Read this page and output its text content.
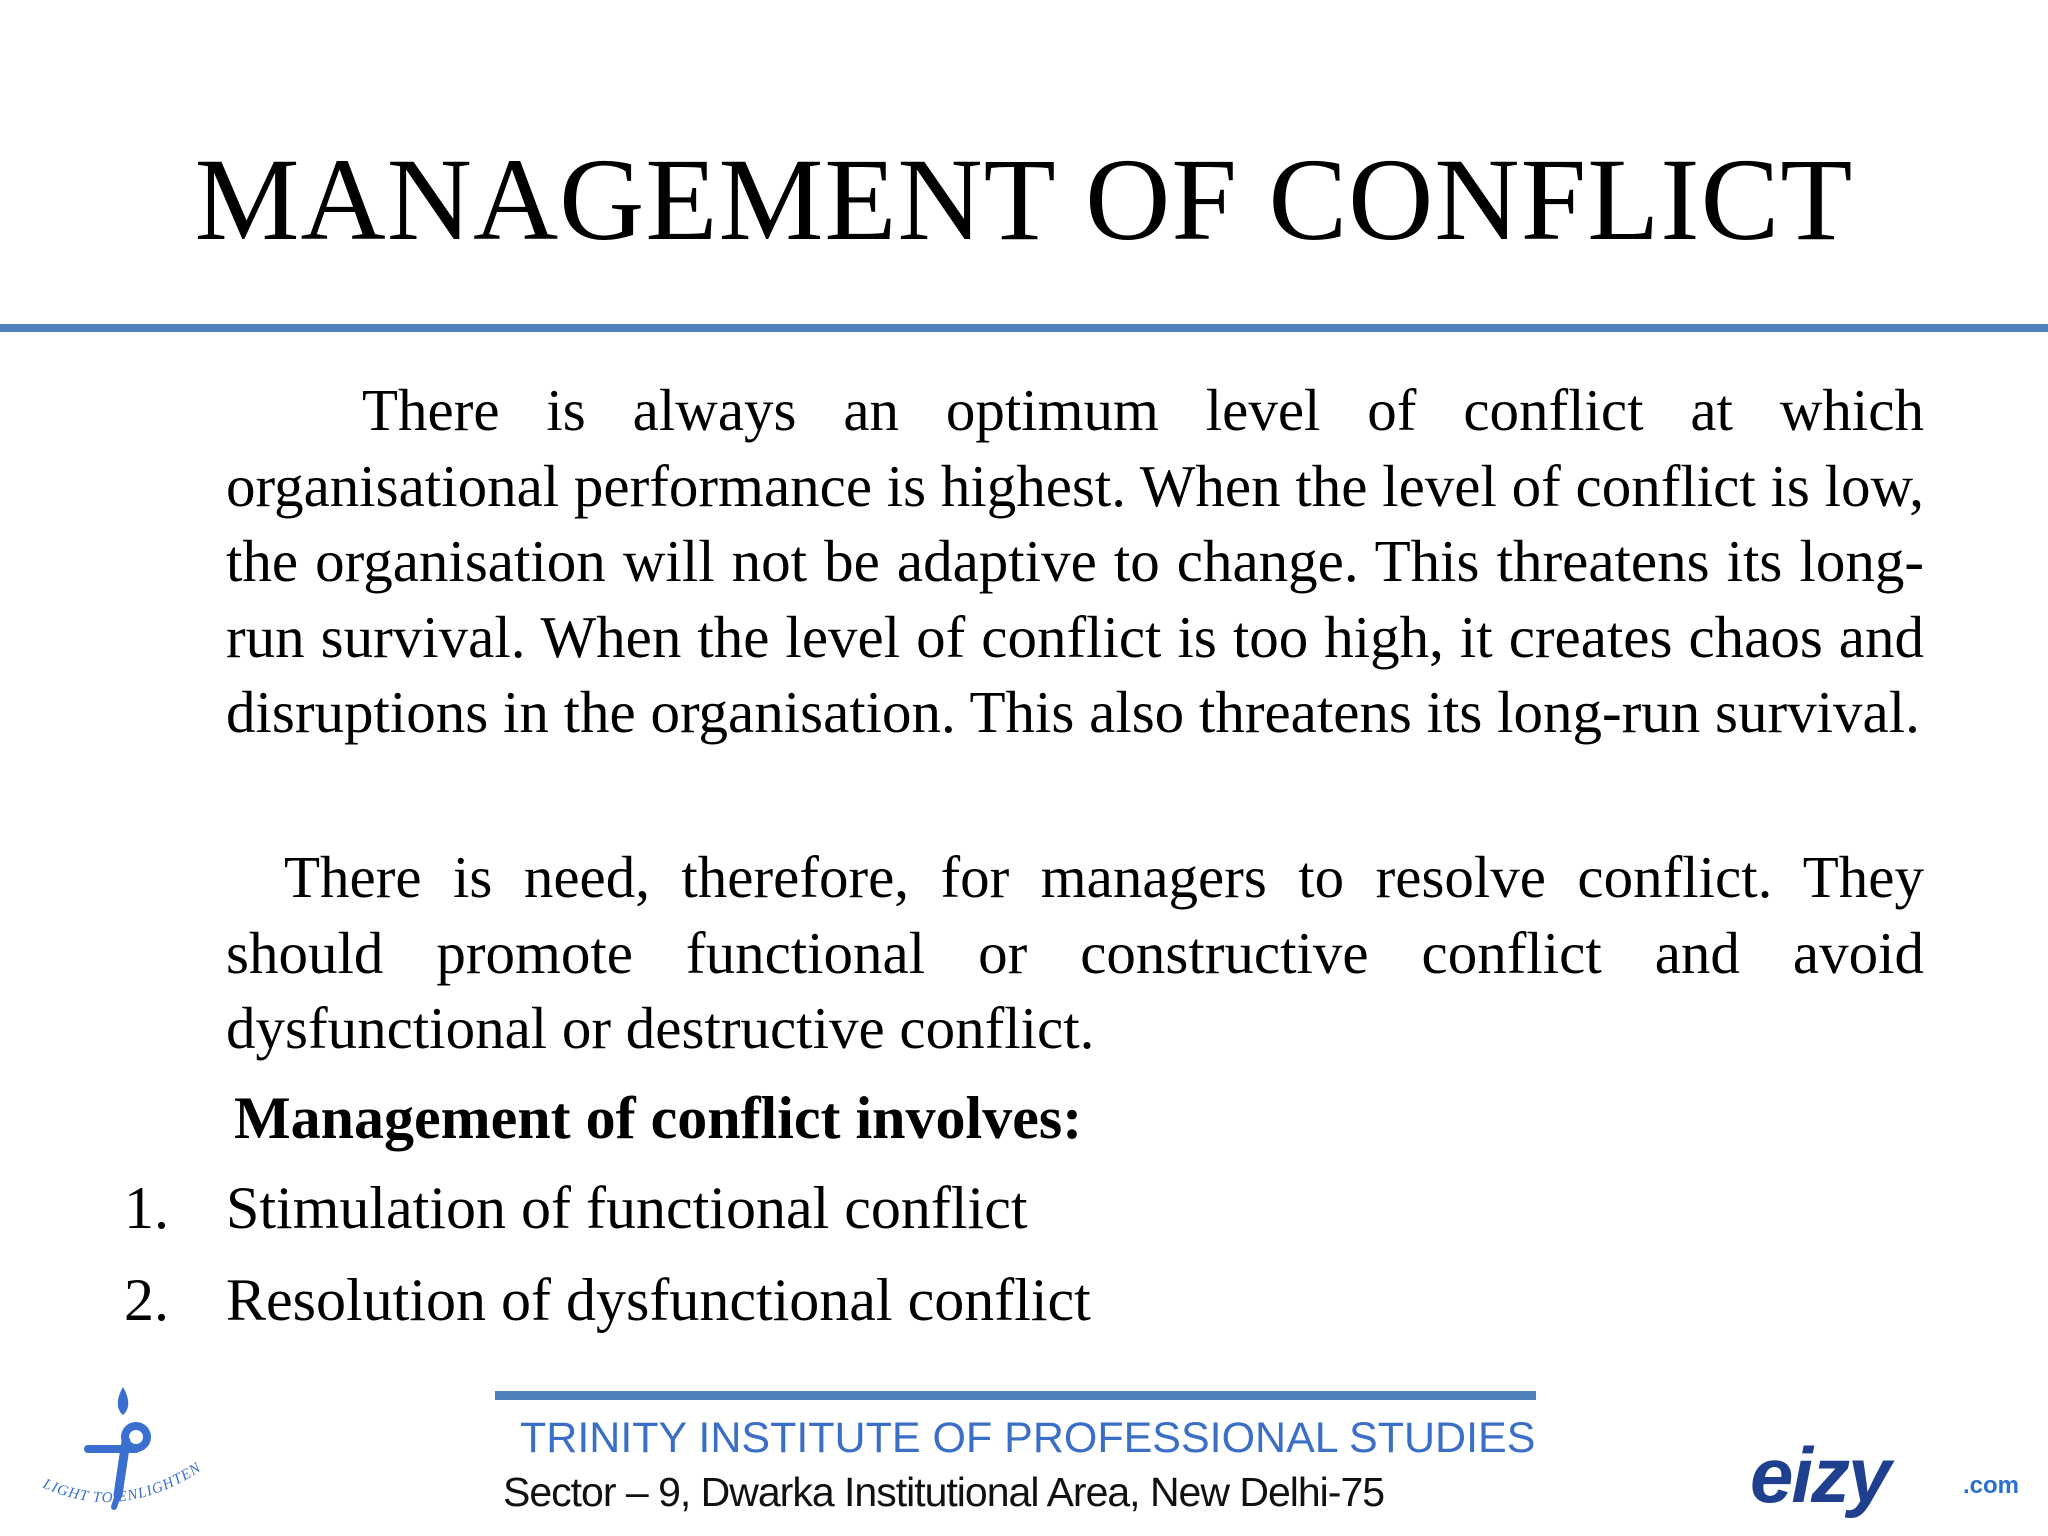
MANAGEMENT OF CONFLICT
There is always an optimum level of conflict at which organisational performance is highest. When the level of conflict is low, the organisation will not be adaptive to change. This threatens its long-run survival. When the level of conflict is too high, it creates chaos and disruptions in the organisation. This also threatens its long-run survival.
There is need, therefore, for managers to resolve conflict. They should promote functional or constructive conflict and avoid dysfunctional or destructive conflict.
Management of conflict involves:
1. Stimulation of functional conflict
2. Resolution of dysfunctional conflict
LIGHT TO ENLIGHTEN
TRINITY INSTITUTE OF PROFESSIONAL STUDIES
Sector – 9, Dwarka Institutional Area, New Delhi-75	eizy	.com
